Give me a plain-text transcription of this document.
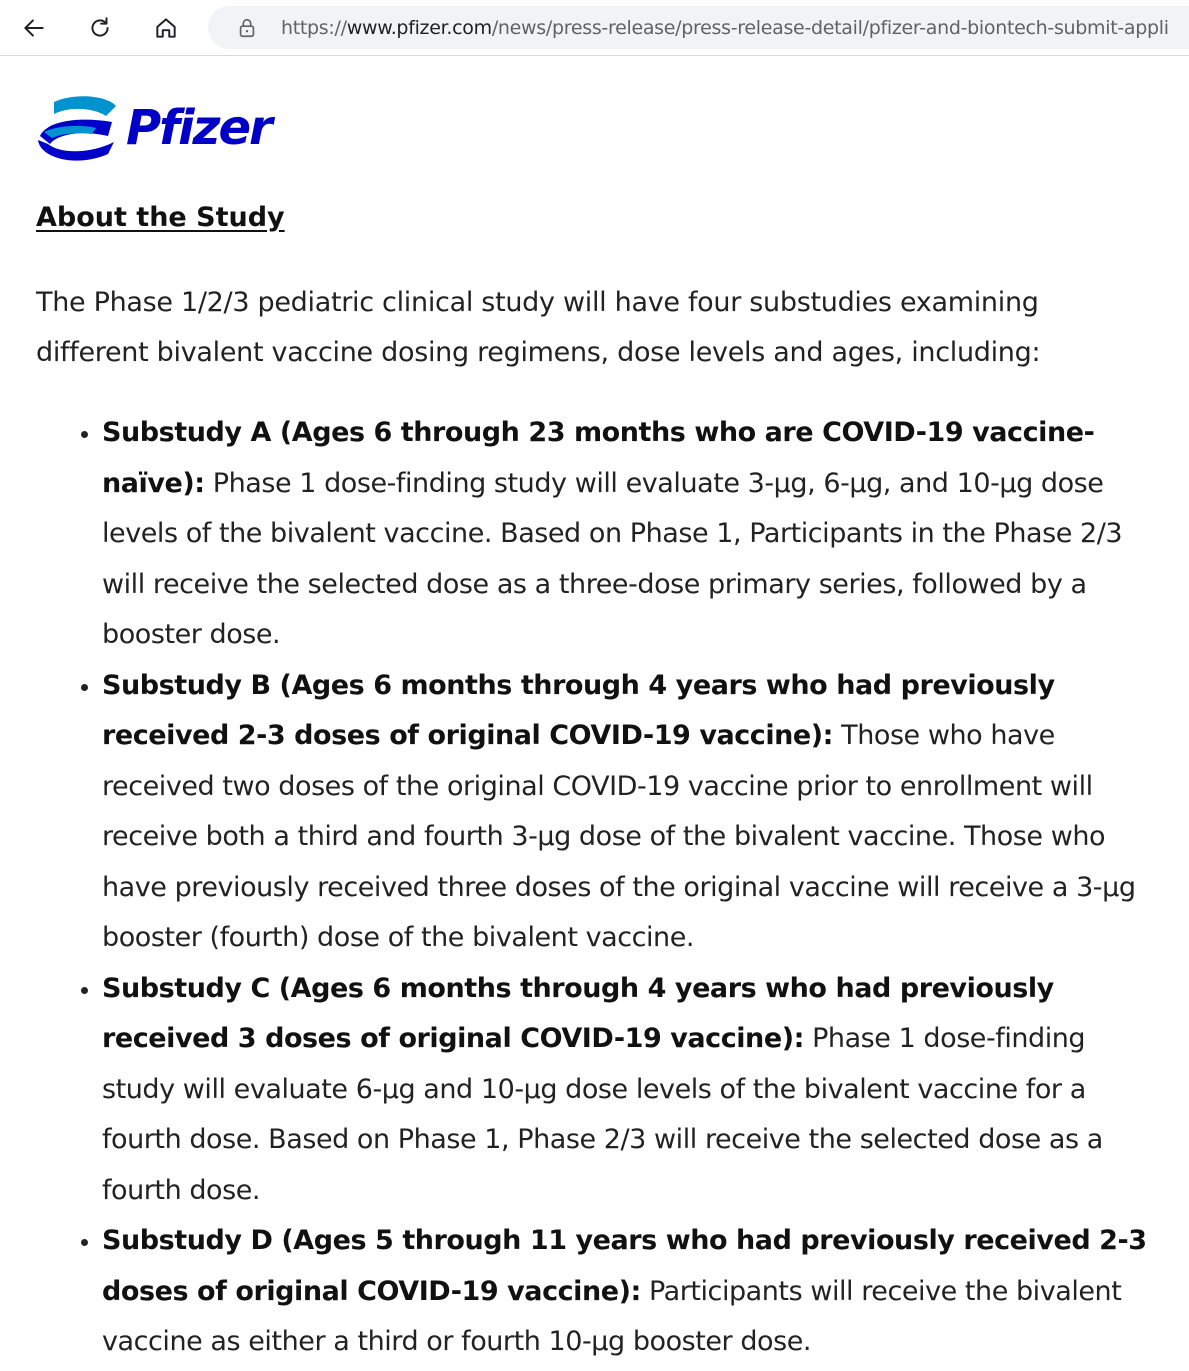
https://www.pfizer.com/news/press-release/press-release-detail/pfizer-and-biontech-submit-appli
Pfizer
About the Study

The Phase 1/2/3 pediatric clinical study will have four substudies examining different bivalent vaccine dosing regimens, dose levels and ages, including:

• Substudy A (Ages 6 through 23 months who are COVID-19 vaccine-naïve): Phase 1 dose-finding study will evaluate 3-µg, 6-µg, and 10-µg dose levels of the bivalent vaccine. Based on Phase 1, Participants in the Phase 2/3 will receive the selected dose as a three-dose primary series, followed by a booster dose.
• Substudy B (Ages 6 months through 4 years who had previously received 2-3 doses of original COVID-19 vaccine): Those who have received two doses of the original COVID-19 vaccine prior to enrollment will receive both a third and fourth 3-µg dose of the bivalent vaccine. Those who have previously received three doses of the original vaccine will receive a 3-µg booster (fourth) dose of the bivalent vaccine.
• Substudy C (Ages 6 months through 4 years who had previously received 3 doses of original COVID-19 vaccine): Phase 1 dose-finding study will evaluate 6-µg and 10-µg dose levels of the bivalent vaccine for a fourth dose. Based on Phase 1, Phase 2/3 will receive the selected dose as a fourth dose.
• Substudy D (Ages 5 through 11 years who had previously received 2-3 doses of original COVID-19 vaccine): Participants will receive the bivalent vaccine as either a third or fourth 10-µg booster dose.
